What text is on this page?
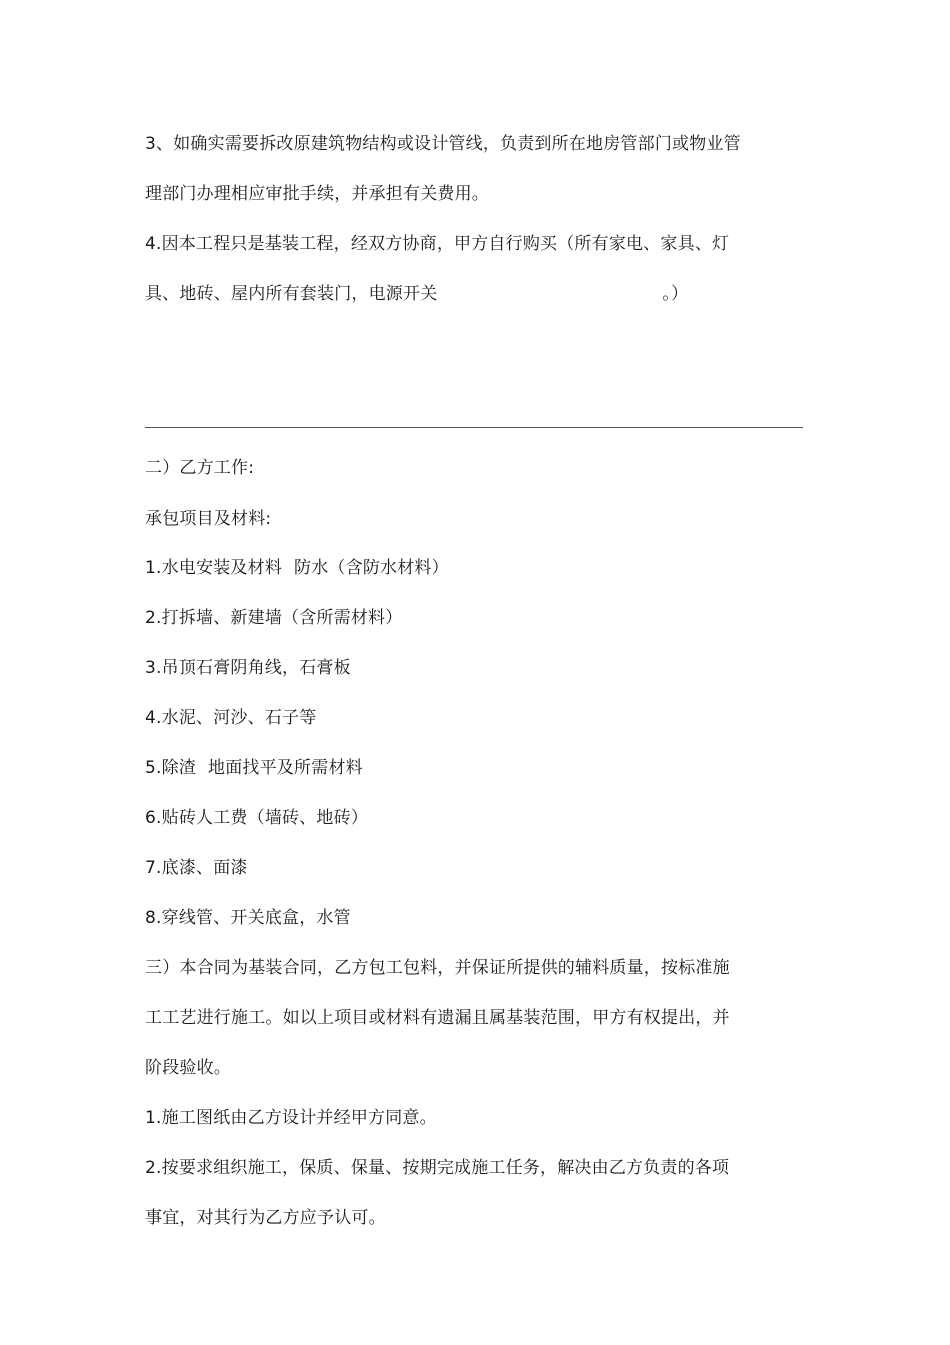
3、如确实需要拆改原建筑物结构或设计管线，负责到所在地房管部门或物业管
理部门办理相应审批手续，并承担有关费用。
4.因本工程只是基装工程，经双方协商，甲方自行购买（所有家电、家具、灯
具、地砖、屋内所有套装门，电源开关	。）
二）乙方工作:
承包项目及材料:
1.水电安装及材料 防水（含防水材料）
2.打拆墙、新建墙（含所需材料）
3.吊顶石膏阴角线，石膏板
4.水泥、河沙、石子等
5.除渣 地面找平及所需材料
6.贴砖人工费（墙砖、地砖）
7.底漆、面漆
8.穿线管、开关底盒，水管
三）本合同为基装合同，乙方包工包料，并保证所提供的辅料质量，按标准施
工工艺进行施工。如以上项目或材料有遗漏且属基装范围，甲方有权提出，并
阶段验收。
1.施工图纸由乙方设计并经甲方同意。
2.按要求组织施工，保质、保量、按期完成施工任务，解决由乙方负责的各项
事宜，对其行为乙方应予认可。
